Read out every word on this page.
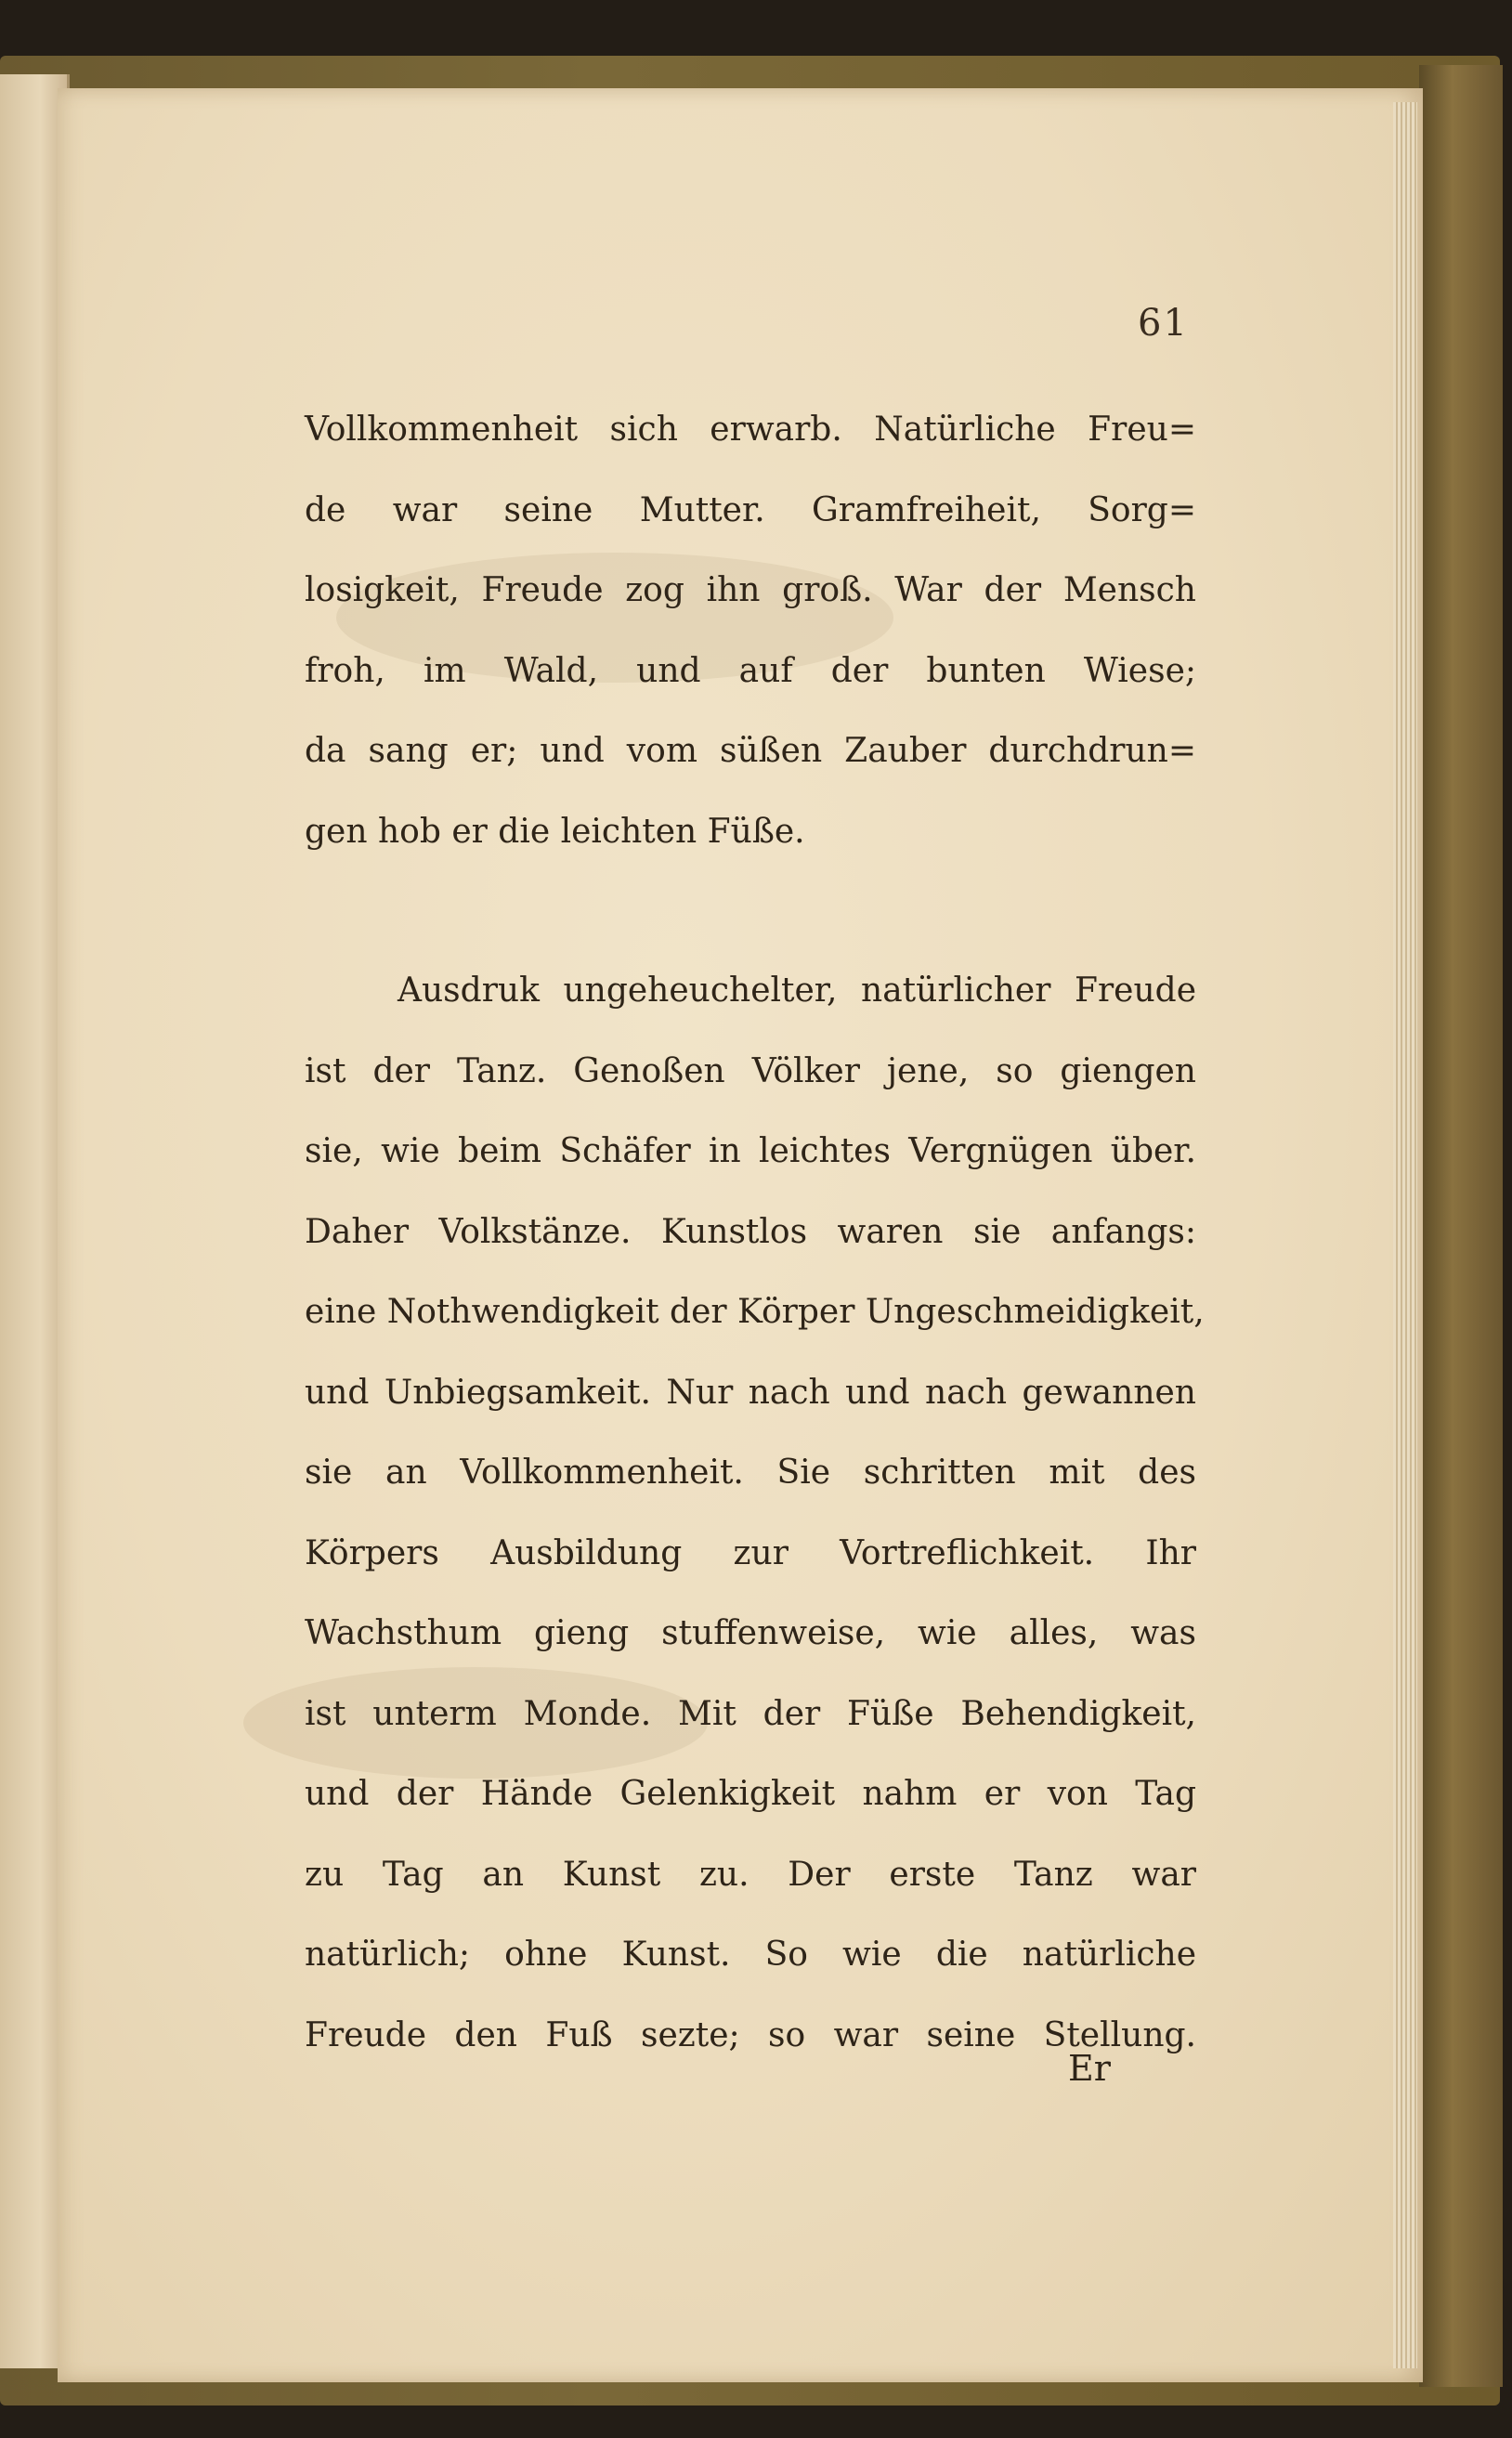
61
Vollkommenheit sich erwarb. Natürliche Freu=
de war seine Mutter. Gramfreiheit, Sorg=
losigkeit, Freude zog ihn groß. War der Mensch
froh, im Wald, und auf der bunten Wiese;
da sang er; und vom süßen Zauber durchdrun=
gen hob er die leichten Füße.
Ausdruk ungeheuchelter, natürlicher Freude
ist der Tanz. Genoßen Völker jene, so giengen
sie, wie beim Schäfer in leichtes Vergnügen über.
Daher Volkstänze. Kunstlos waren sie anfangs:
eine Nothwendigkeit der Körper Ungeschmeidigkeit,
und Unbiegsamkeit. Nur nach und nach gewannen
sie an Vollkommenheit. Sie schritten mit des
Körpers Ausbildung zur Vortreflichkeit. Ihr
Wachsthum gieng stuffenweise, wie alles, was
ist unterm Monde. Mit der Füße Behendigkeit,
und der Hände Gelenkigkeit nahm er von Tag
zu Tag an Kunst zu. Der erste Tanz war
natürlich; ohne Kunst. So wie die natürliche
Freude den Fuß sezte; so war seine Stellung.
Er
